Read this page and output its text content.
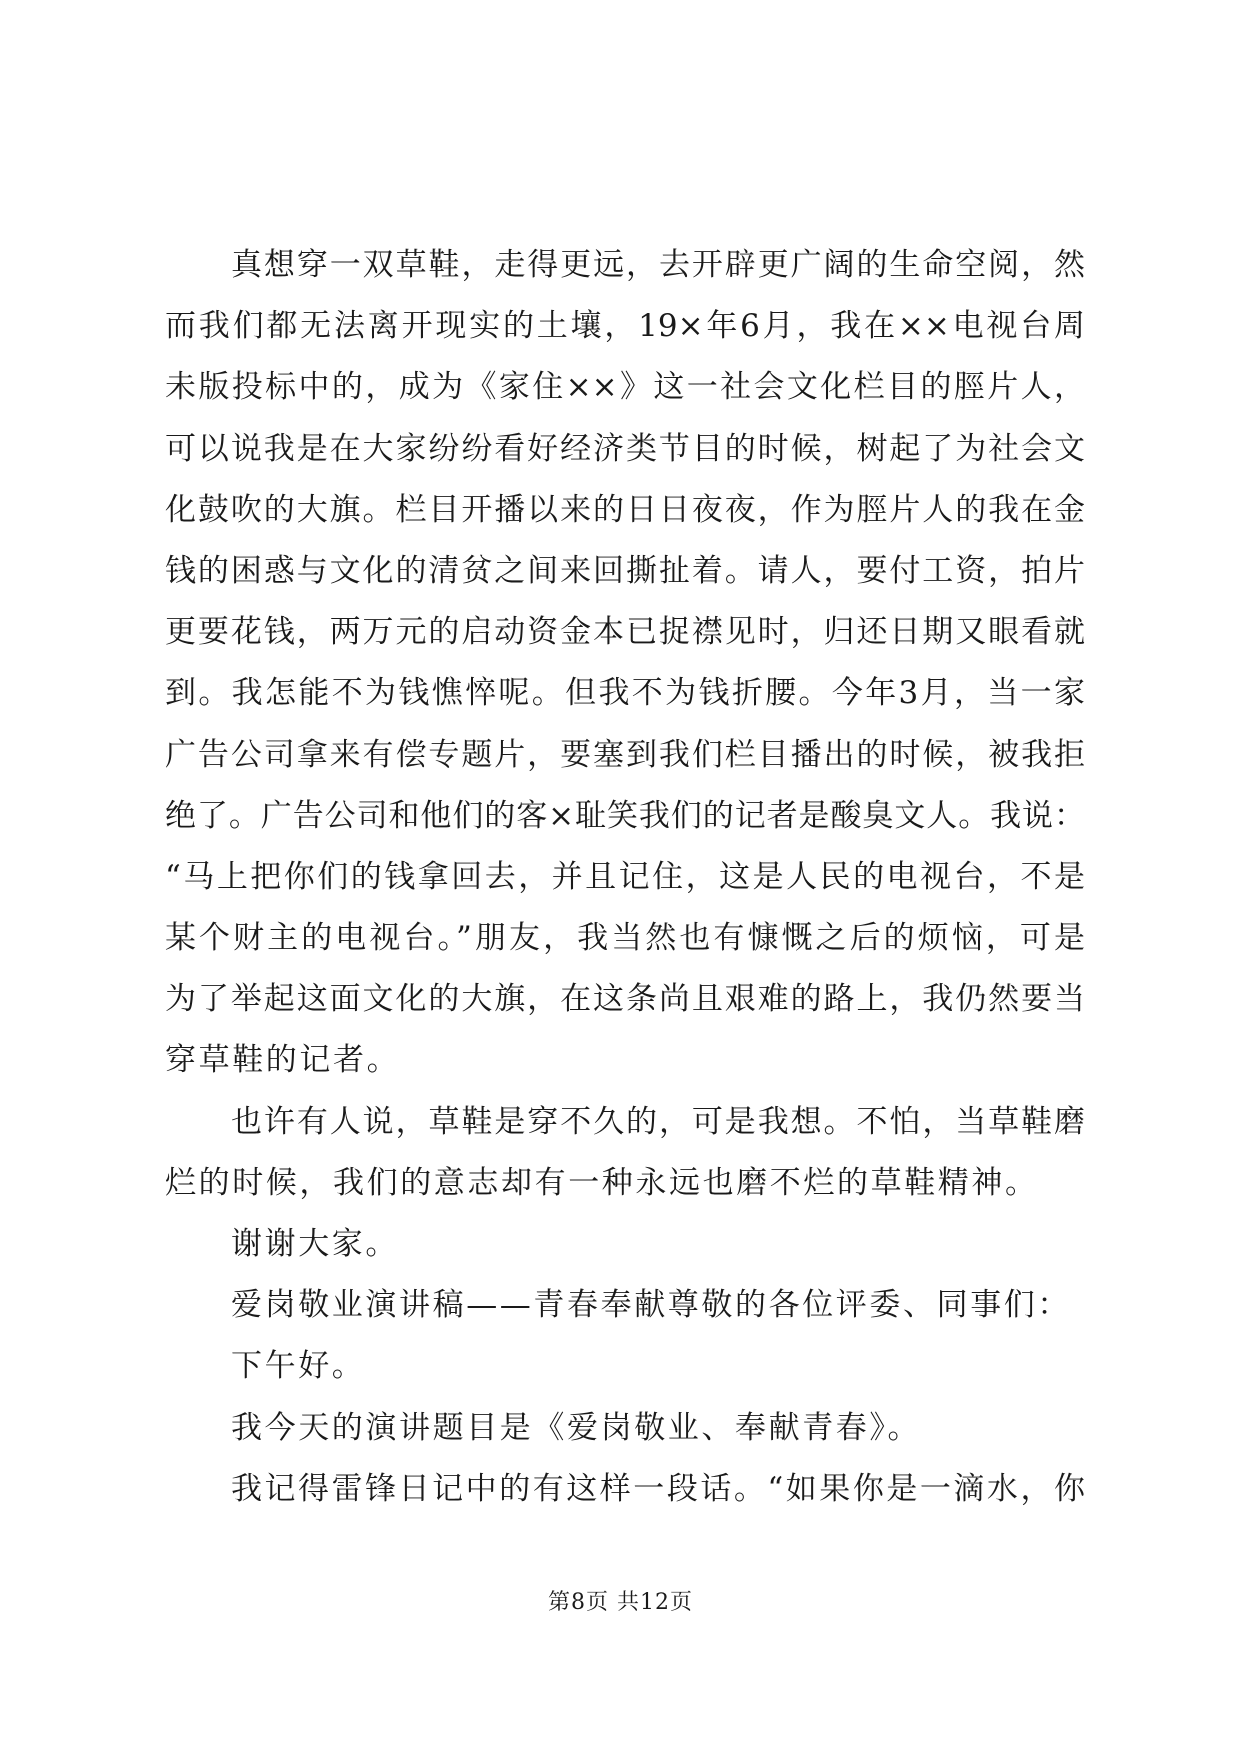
真想穿一双草鞋，走得更远，去开辟更广阔的生命空阅，然
而我们都无法离开现实的土壤，19×年6月，我在××电视台周
未版投标中的，成为《家住××》这一社会文化栏目的脛片人，
可以说我是在大家纷纷看好经济类节目的时候，树起了为社会文
化鼓吹的大旗。栏目开播以来的日日夜夜，作为脛片人的我在金
钱的困惑与文化的清贫之间来回撕扯着。请人，要付工资，拍片
更要花钱，两万元的启动资金本已捉襟见时，归还日期又眼看就
到。我怎能不为钱憔悴呢。但我不为钱折腰。今年3月，当一家
广告公司拿来有偿专题片，要塞到我们栏目播出的时候，被我拒
绝了。广告公司和他们的客×耻笑我们的记者是酸臭文人。我说：
“马上把你们的钱拿回去，并且记住，这是人民的电视台，不是
某个财主的电视台。”朋友，我当然也有慷慨之后的烦恼，可是
为了举起这面文化的大旗，在这条尚且艰难的路上，我仍然要当
穿草鞋的记者。
也许有人说，草鞋是穿不久的，可是我想。不怕，当草鞋磨
烂的时候，我们的意志却有一种永远也磨不烂的草鞋精神。
谢谢大家。
爱岗敬业演讲稿——青春奉献尊敬的各位评委、同事们：
下午好。
我今天的演讲题目是《爱岗敬业、奉献青春》。
我记得雷锋日记中的有这样一段话。“如果你是一滴水，你
第8页 共12页
